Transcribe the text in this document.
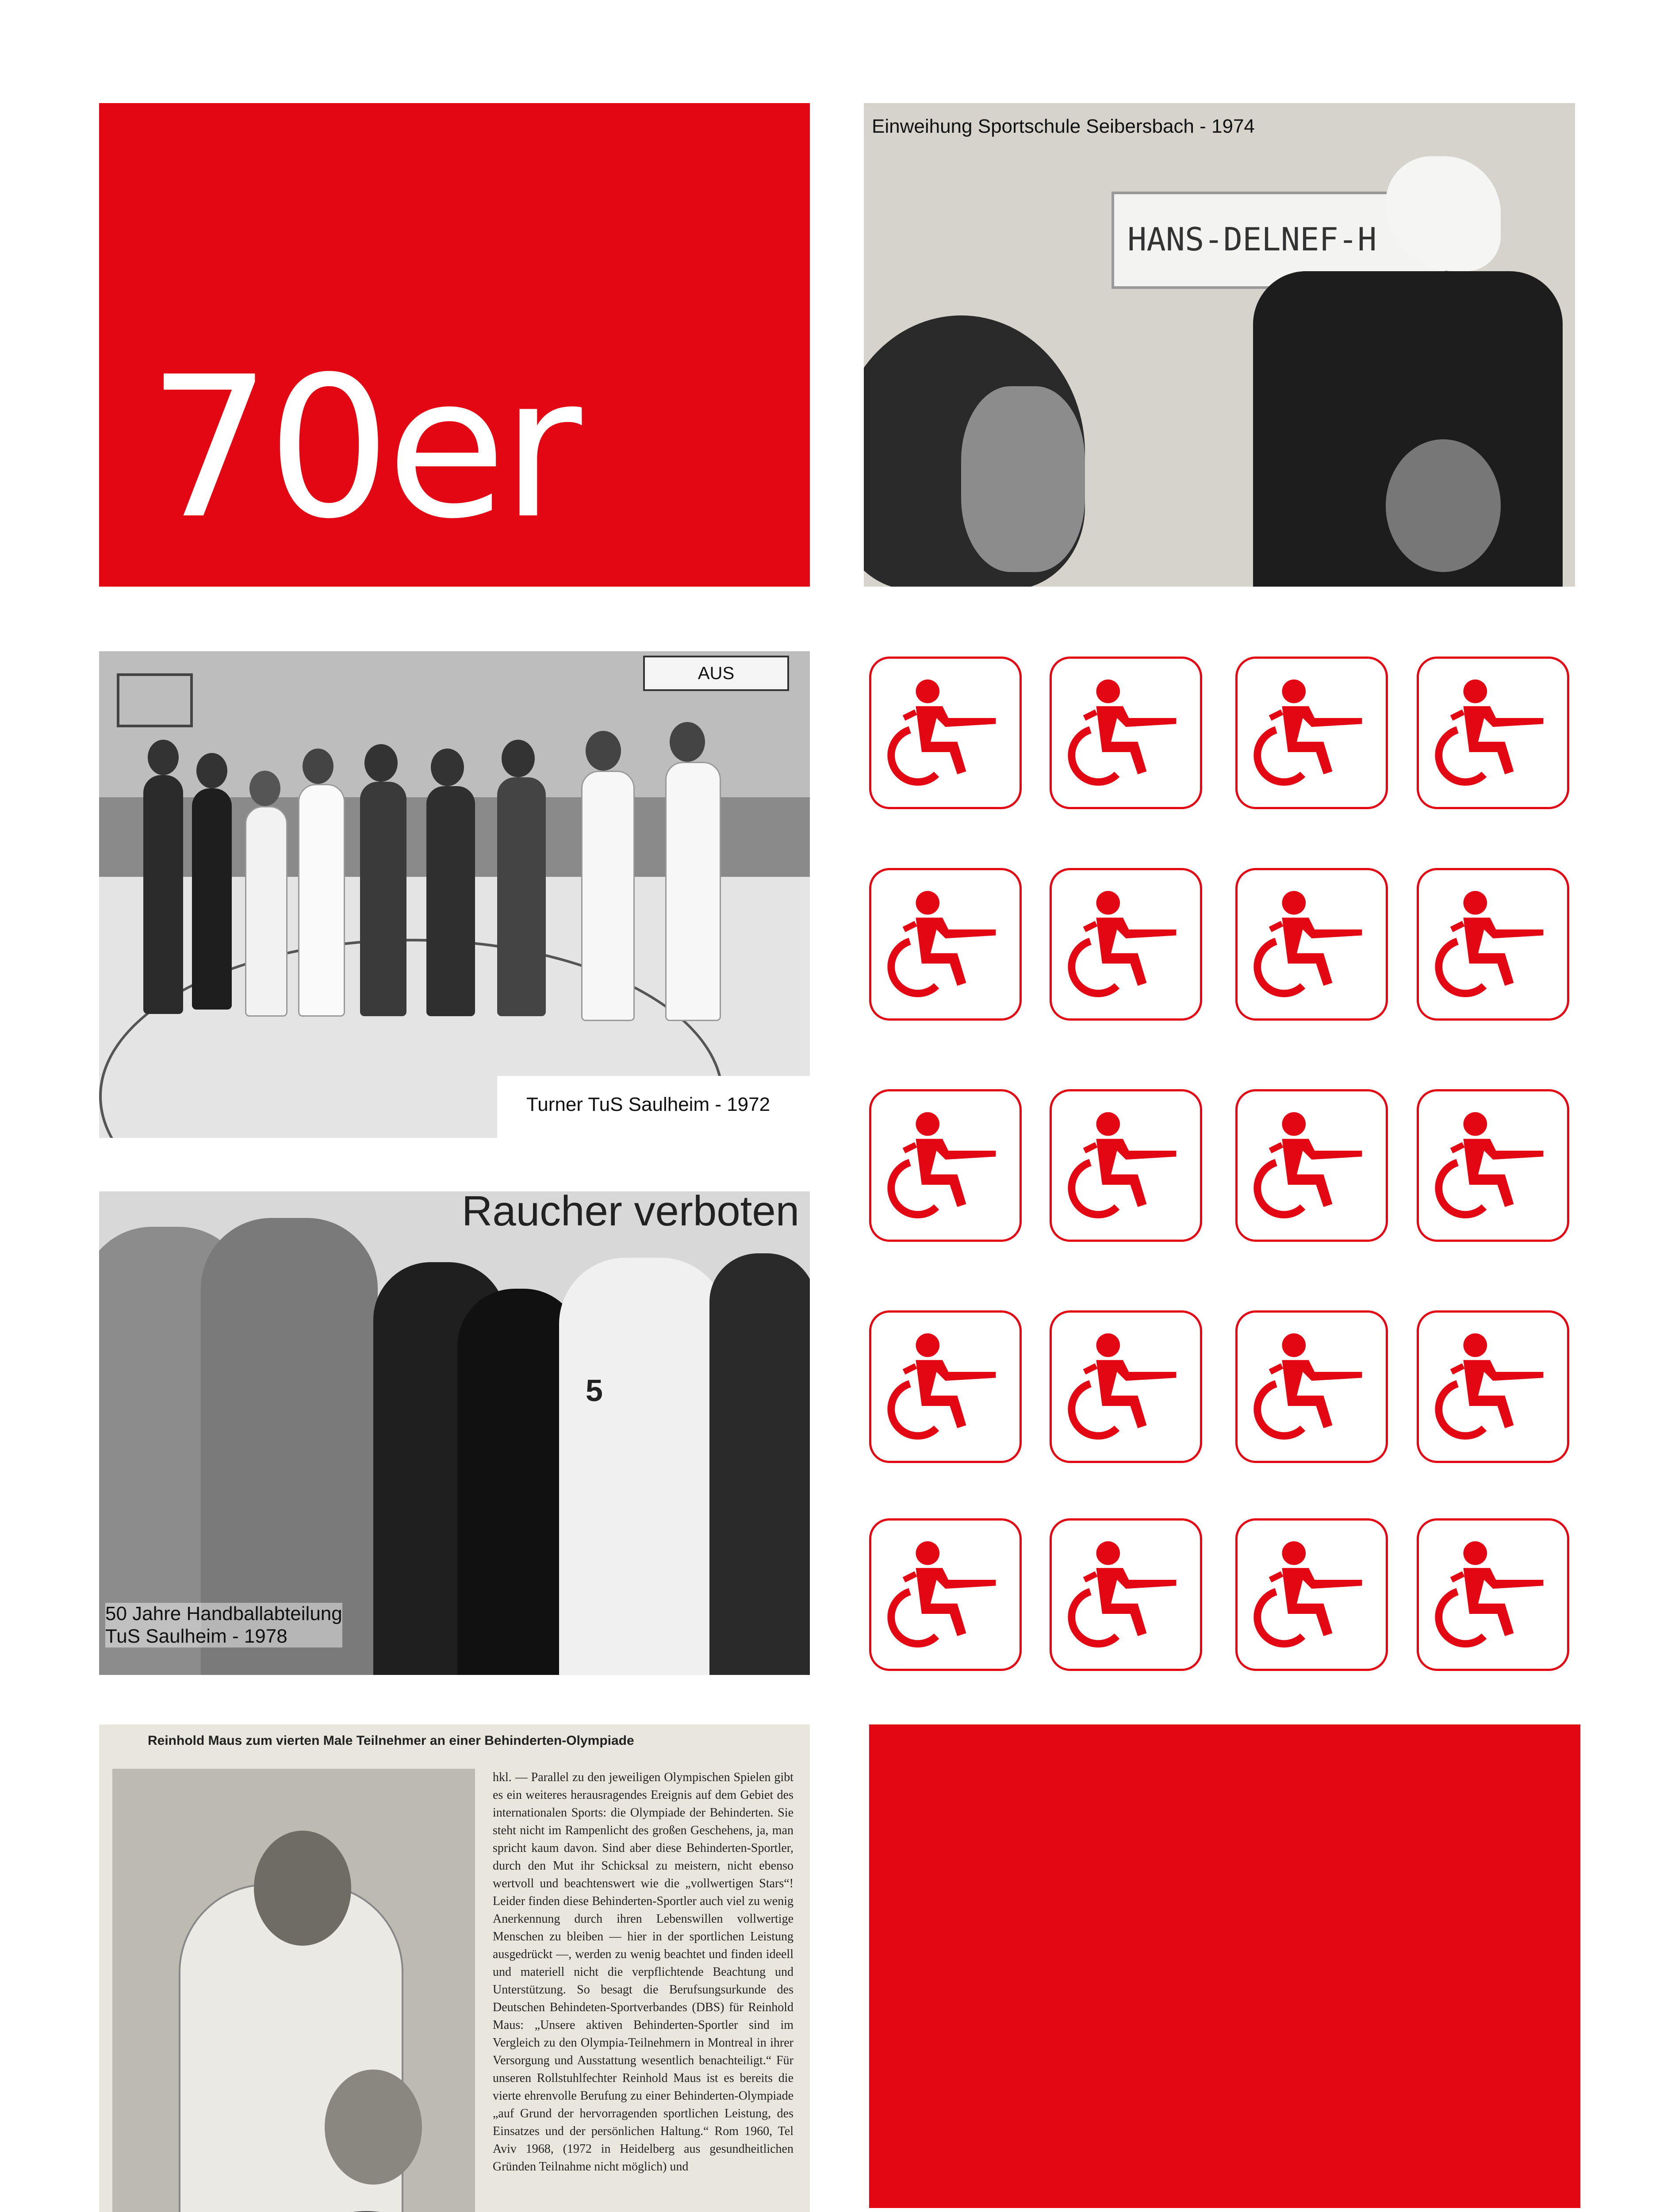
70er
Einweihung Sportschule Seibersbach - 1974
HANS-DELNEF-H
AUS
Turner TuS Saulheim - 1972
Raucher verboten
5
50 Jahre Handballabteilung
TuS Saulheim - 1978
Reinhold Maus zum vierten Male Teilnehmer an einer Behinderten-Olympiade
hkl. — Parallel zu den jeweiligen Olympischen Spielen gibt es ein weiteres herausragendes Ereignis auf dem Gebiet des internationalen Sports: die Olympiade der Behinderten. Sie steht nicht im Rampenlicht des großen Geschehens, ja, man spricht kaum davon. Sind aber diese Behinderten-Sportler, durch den Mut ihr Schicksal zu meistern, nicht ebenso wertvoll und beachtenswert wie die „vollwertigen Stars“! Leider finden diese Behinderten-Sportler auch viel zu wenig Anerkennung durch ihren Lebenswillen vollwertige Menschen zu bleiben — hier in der sportlichen Leistung ausgedrückt —, werden zu wenig beachtet und finden ideell und materiell nicht die verpflichtende Beachtung und Unterstützung. So besagt die Berufsungsurkunde des Deutschen Behindeten-Sportverbandes (DBS) für Reinhold Maus: „Unsere aktiven Behinderten-Sportler sind im Vergleich zu den Olympia-Teilnehmern in Montreal in ihrer Versorgung und Ausstattung wesentlich benachteiligt.“ Für unseren Rollstuhlfechter Reinhold Maus ist es bereits die vierte ehrenvolle Berufung zu einer Behinderten-Olympiade „auf Grund der hervorragenden sportlichen Leistung, des Einsatzes und der persönlichen Haltung.“ Rom 1960, Tel Aviv 1968, (1972 in Heidelberg aus gesundheitlichen Gründen Teilnahme nicht möglich) und
